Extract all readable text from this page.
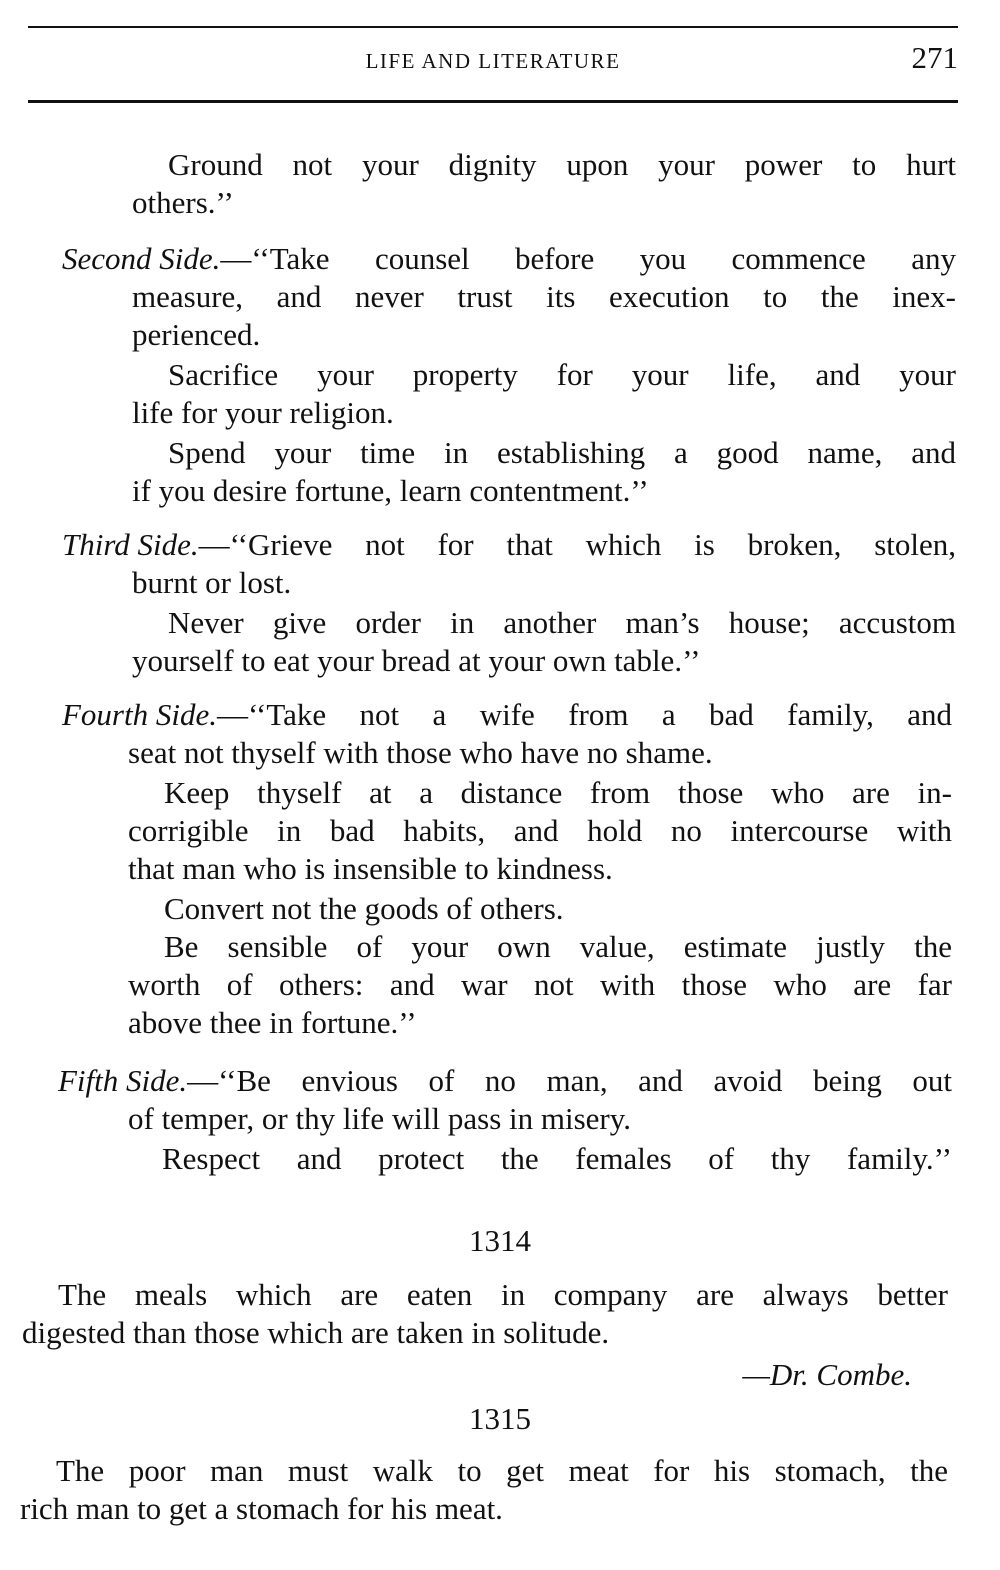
LIFE AND LITERATURE	271
Ground not your dignity upon your power to hurt
others.’’
Second Side. —‘‘Take counsel before you commence any
measure, and never trust its execution to the inex-
perienced.
Sacrifice your property for your life, and your
life for your religion.
Spend your time in establishing a good name, and
if you desire fortune, learn contentment.’’
Third Side. —‘‘Grieve not for that which is broken, stolen,
burnt or lost.
Never give order in another man’s house; accustom
yourself to eat your bread at your own table.’’
Fourth Side. —‘‘Take not a wife from a bad family, and
seat not thyself with those who have no shame.
Keep thyself at a distance from those who are in-
corrigible in bad habits, and hold no intercourse with
that man who is insensible to kindness.
Convert not the goods of others.
Be sensible of your own value, estimate justly the
worth of others: and war not with those who are far
above thee in fortune.’’
Fifth Side. —‘‘Be envious of no man, and avoid being out
of temper, or thy life will pass in misery.
Respect and protect the females of thy family.’’
1314
The meals which are eaten in company are always better
digested than those which are taken in solitude.
—Dr. Combe.
1315
The poor man must walk to get meat for his stomach, the
rich man to get a stomach for his meat.
